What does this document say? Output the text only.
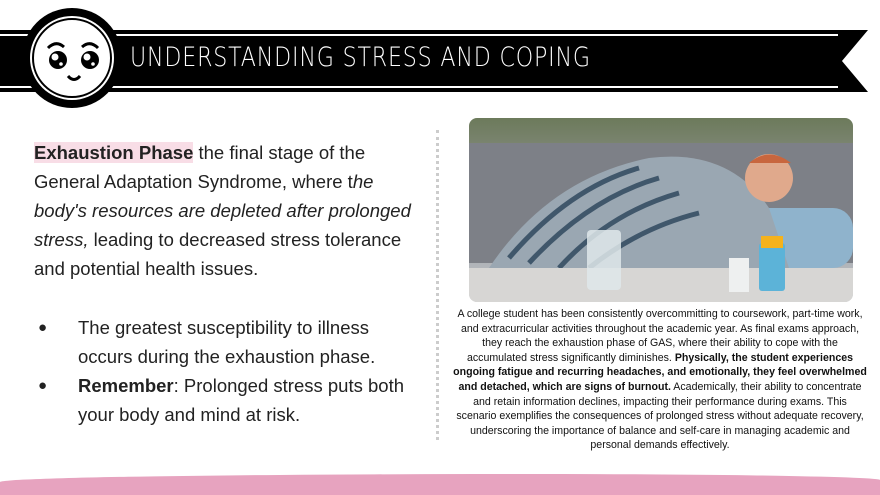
UNDERSTANDING STRESS AND COPING

Exhaustion Phase the final stage of the General Adaptation Syndrome, where the body's resources are depleted after prolonged stress, leading to decreased stress tolerance and potential health issues.

● The greatest susceptibility to illness occurs during the exhaustion phase.
● Remember: Prolonged stress puts both your body and mind at risk.
A college student has been consistently overcommitting to coursework, part-time work, and extracurricular activities throughout the academic year. As final exams approach, they reach the exhaustion phase of GAS, where their ability to cope with the accumulated stress significantly diminishes. Physically, the student experiences ongoing fatigue and recurring headaches, and emotionally, they feel overwhelmed and detached, which are signs of burnout. Academically, their ability to concentrate and retain information declines, impacting their performance during exams. This scenario exemplifies the consequences of prolonged stress without adequate recovery, underscoring the importance of balance and self-care in managing academic and personal demands effectively.
